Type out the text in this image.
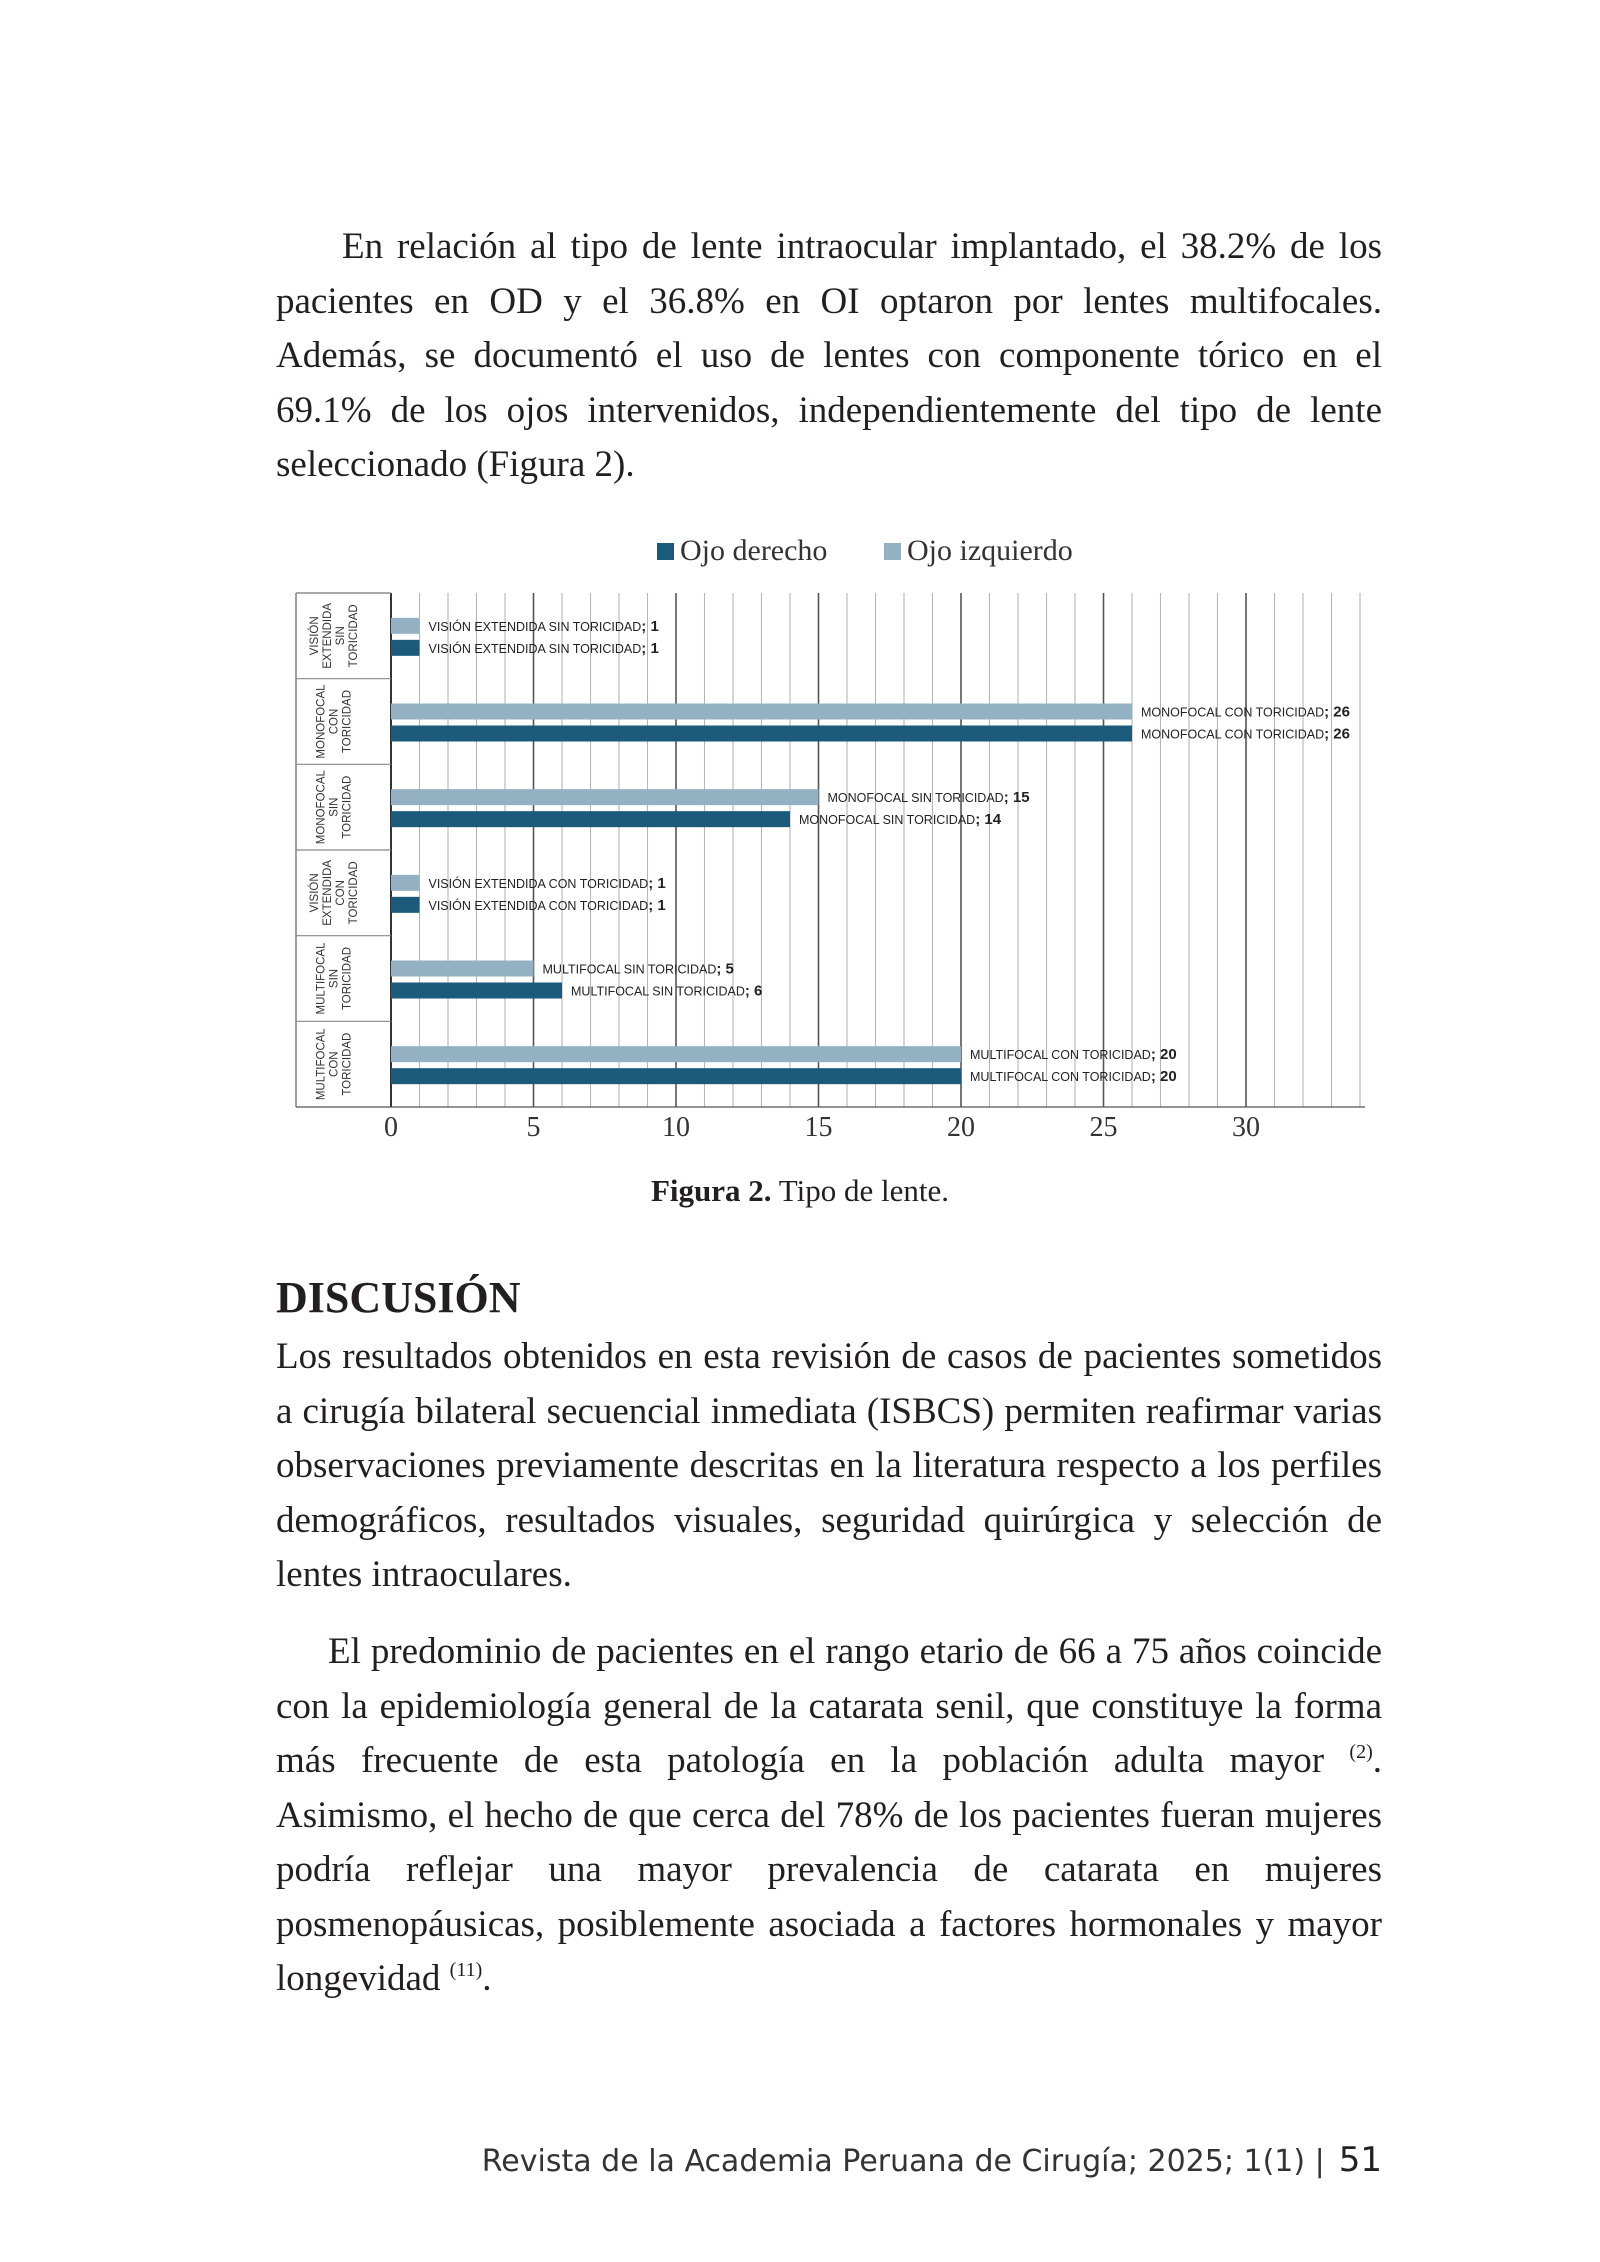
En relación al tipo de lente intraocular implantado, el 38.2% de los pacientes en OD y el 36.8% en OI optaron por lentes multifocales. Además, se documentó el uso de lentes con componente tórico en el 69.1% de los ojos intervenidos, independientemente del tipo de lente seleccionado (Figura 2).

VISIÓNEXTENDIDASINTORICIDAD	VISIÓN EXTENDIDA SIN TORICIDAD; 1
VISIÓN EXTENDIDA SIN TORICIDAD; 1
MONOFOCALCONTORICIDAD	MONOFOCAL CON TORICIDAD; 26
MONOFOCAL CON TORICIDAD; 26
MONOFOCALSINTORICIDAD	MONOFOCAL SIN TORICIDAD; 15
MONOFOCAL SIN TORICIDAD; 14
VISIÓNEXTENDIDACONTORICIDAD	VISIÓN EXTENDIDA CON TORICIDAD; 1
VISIÓN EXTENDIDA CON TORICIDAD; 1
MULTIFOCALSINTORICIDAD	MULTIFOCAL SIN TORICIDAD; 5
MULTIFOCAL SIN TORICIDAD; 6
MULTIFOCALCONTORICIDAD	MULTIFOCAL CON TORICIDAD; 20
MULTIFOCAL CON TORICIDAD; 20
0	5	10	15	20	25	30
Ojo derecho	Ojo izquierdo
Figura 2. Tipo de lente.
DISCUSIÓN

Los resultados obtenidos en esta revisión de casos de pacientes sometidos a cirugía bilateral secuencial inmediata (ISBCS) permiten reafirmar varias observaciones previamente descritas en la literatura respecto a los perfiles demográficos, resultados visuales, seguridad quirúrgica y selección de lentes intraoculares.

El predominio de pacientes en el rango etario de 66 a 75 años coincide con la epidemiología general de la catarata senil, que constituye la forma más frecuente de esta patología en la población adulta mayor $^{(2)}$. Asimismo, el hecho de que cerca del 78% de los pacientes fueran mujeres podría reflejar una mayor prevalencia de catarata en mujeres posmenopáusicas, posiblemente asociada a factores hormonales y mayor longevidad $^{(11)}$.

Revista de la Academia Peruana de Cirugía; 2025; 1(1) | 51
